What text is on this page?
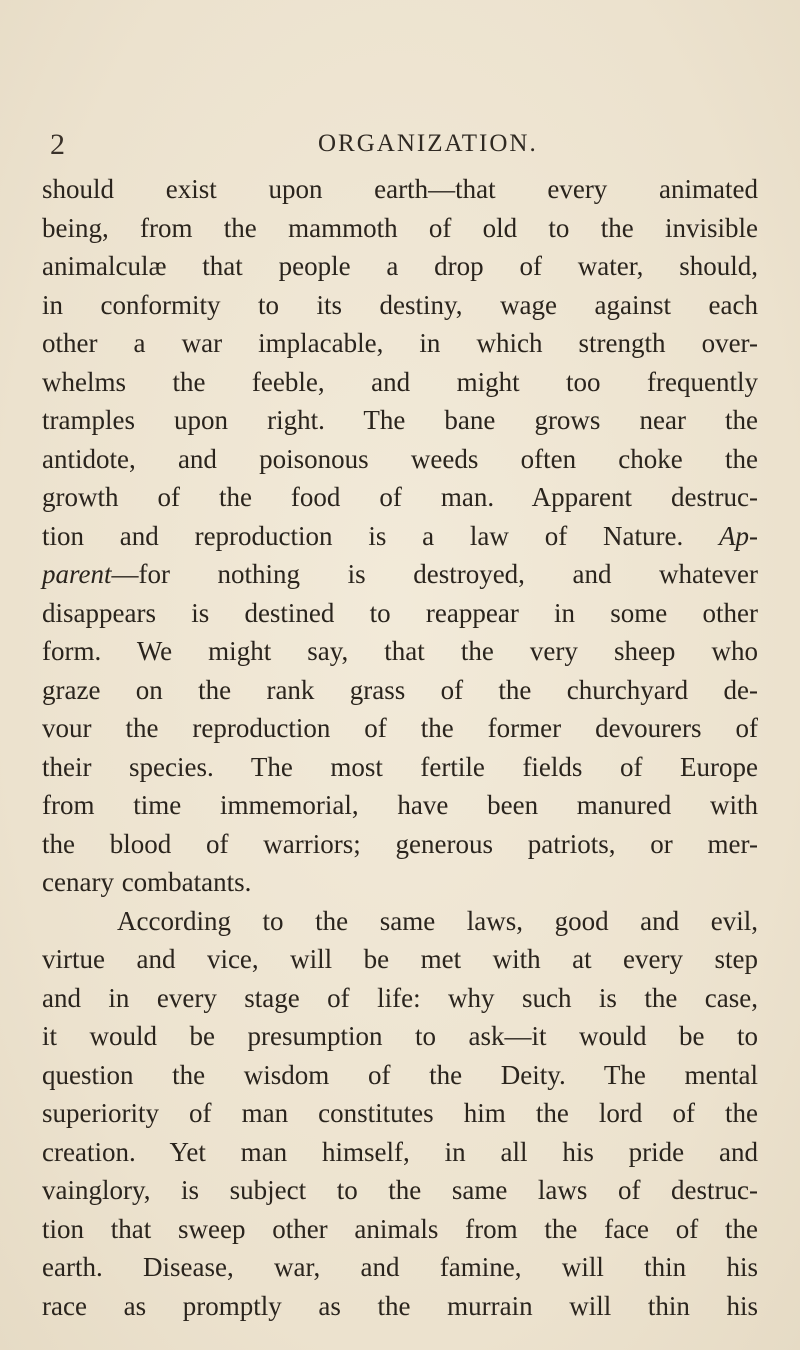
2	ORGANIZATION.
should exist upon earth—that every animated
being, from the mammoth of old to the invisible
animalculæ that people a drop of water, should,
in conformity to its destiny, wage against each
other a war implacable, in which strength over-
whelms the feeble, and might too frequently
tramples upon right. The bane grows near the
antidote, and poisonous weeds often choke the
growth of the food of man. Apparent destruc-
tion and reproduction is a law of Nature. Ap-
parent—for nothing is destroyed, and whatever
disappears is destined to reappear in some other
form. We might say, that the very sheep who
graze on the rank grass of the churchyard de-
vour the reproduction of the former devourers of
their species. The most fertile fields of Europe
from time immemorial, have been manured with
the blood of warriors; generous patriots, or mer-
cenary combatants.
According to the same laws, good and evil,
virtue and vice, will be met with at every step
and in every stage of life: why such is the case,
it would be presumption to ask—it would be to
question the wisdom of the Deity. The mental
superiority of man constitutes him the lord of the
creation. Yet man himself, in all his pride and
vainglory, is subject to the same laws of destruc-
tion that sweep other animals from the face of the
earth. Disease, war, and famine, will thin his
race as promptly as the murrain will thin his
